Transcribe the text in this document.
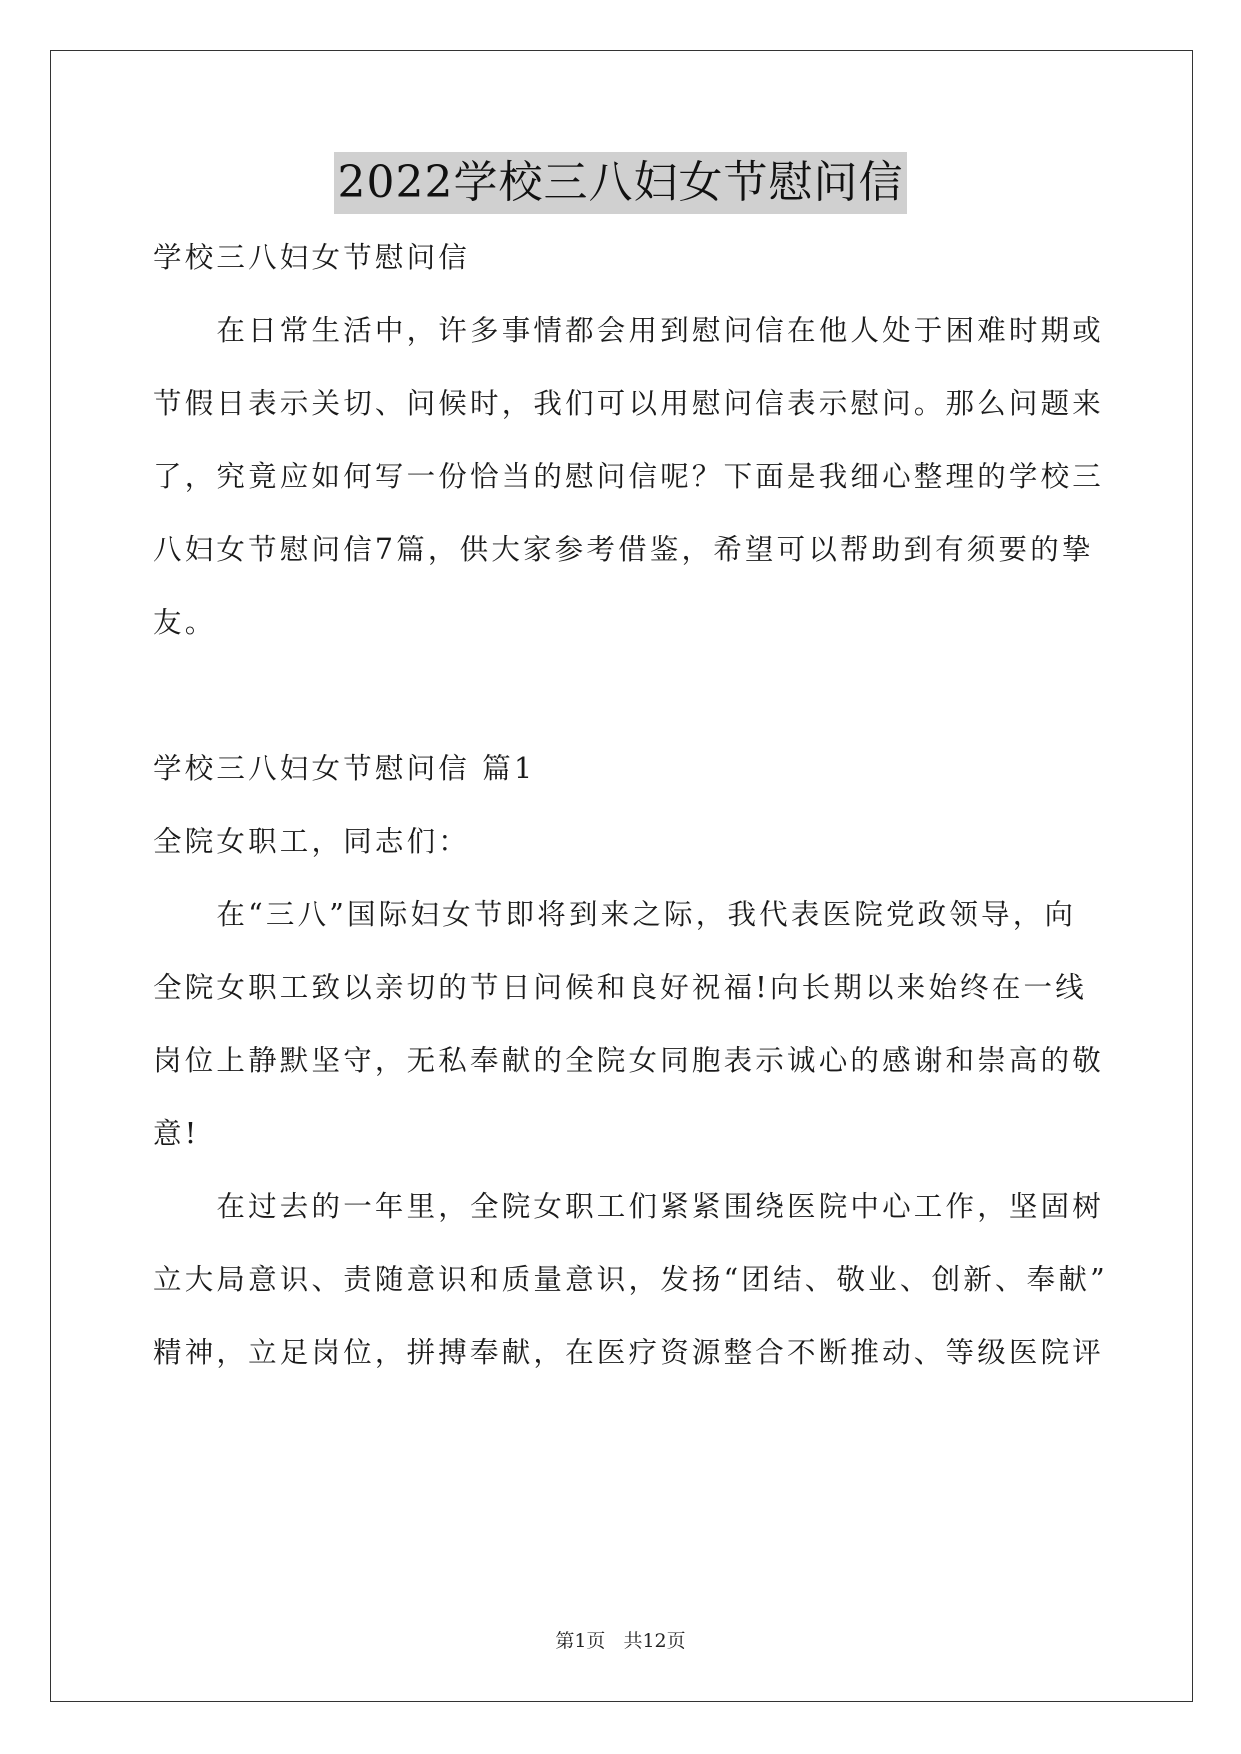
2022学校三八妇女节慰问信
学校三八妇女节慰问信
　　在日常生活中，许多事情都会用到慰问信在他人处于困难时期或
节假日表示关切、问候时，我们可以用慰问信表示慰问。那么问题来
了，究竟应如何写一份恰当的慰问信呢？下面是我细心整理的学校三
八妇女节慰问信7篇，供大家参考借鉴，希望可以帮助到有须要的挚
友。
学校三八妇女节慰问信 篇1
全院女职工，同志们：
　　在“三八”国际妇女节即将到来之际，我代表医院党政领导，向
全院女职工致以亲切的节日问候和良好祝福!向长期以来始终在一线
岗位上静默坚守，无私奉献的全院女同胞表示诚心的感谢和崇高的敬
意!
　　在过去的一年里，全院女职工们紧紧围绕医院中心工作，坚固树
立大局意识、责随意识和质量意识，发扬“团结、敬业、创新、奉献”
精神，立足岗位，拼搏奉献，在医疗资源整合不断推动、等级医院评
第1页 共12页
